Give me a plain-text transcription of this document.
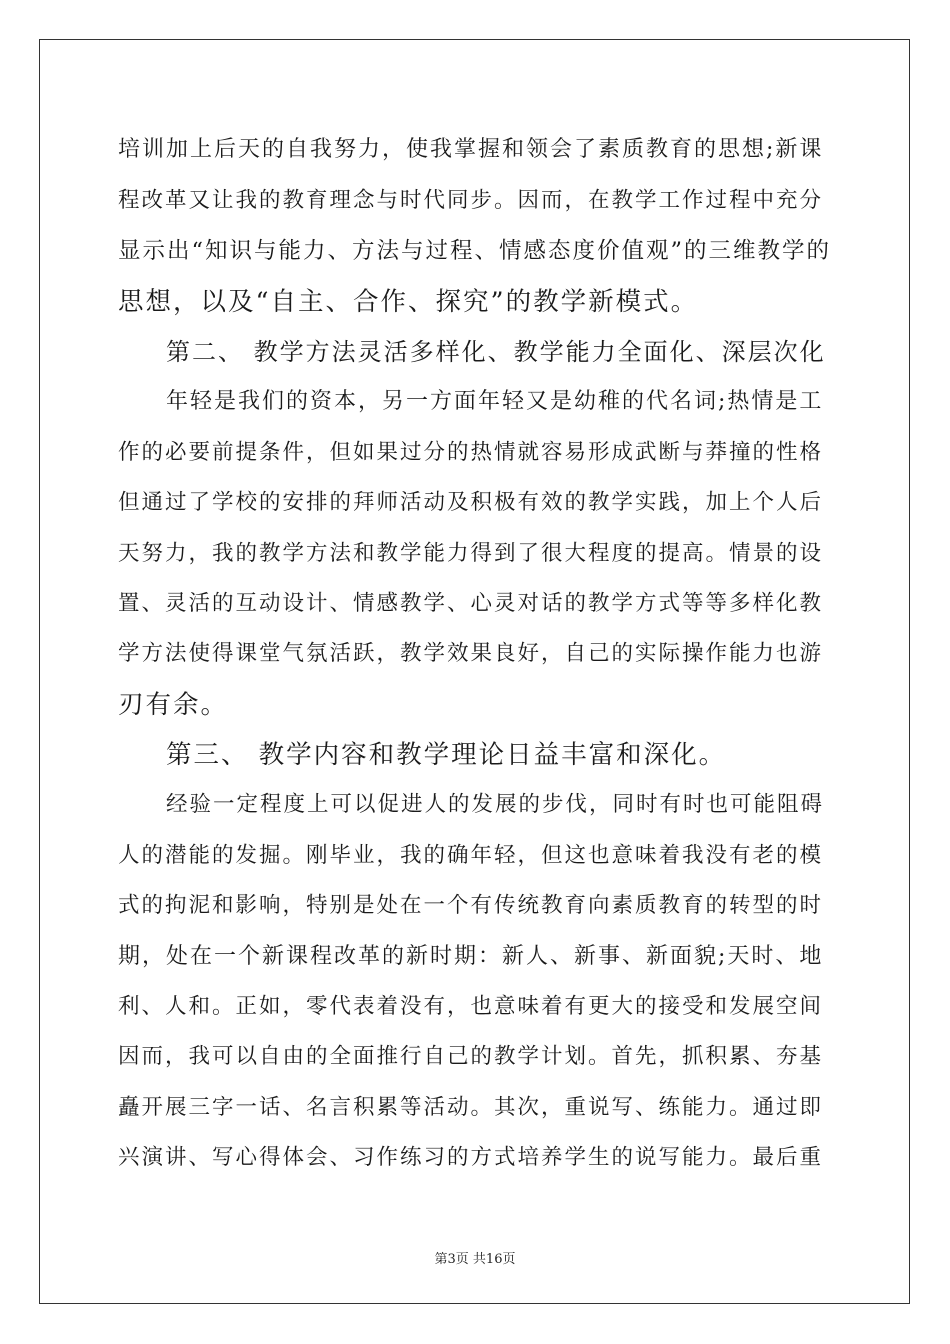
培训加上后天的自我努力，使我掌握和领会了素质教育的思想;新课
程改革又让我的教育理念与时代同步。因而，在教学工作过程中充分
显示出“知识与能力、方法与过程、情感态度价值观”的三维教学的
思想，以及“自主、合作、探究”的教学新模式。
第二、 教学方法灵活多样化、教学能力全面化、深层次化
年轻是我们的资本，另一方面年轻又是幼稚的代名词;热情是工
作的必要前提条件，但如果过分的热情就容易形成武断与莽撞的性格
但通过了学校的安排的拜师活动及积极有效的教学实践，加上个人后
天努力，我的教学方法和教学能力得到了很大程度的提高。情景的设
置、灵活的互动设计、情感教学、心灵对话的教学方式等等多样化教
学方法使得课堂气氛活跃，教学效果良好，自己的实际操作能力也游
刃有余。
第三、 教学内容和教学理论日益丰富和深化。
经验一定程度上可以促进人的发展的步伐，同时有时也可能阻碍
人的潜能的发掘。刚毕业，我的确年轻，但这也意味着我没有老的模
式的拘泥和影响，特别是处在一个有传统教育向素质教育的转型的时
期，处在一个新课程改革的新时期：新人、新事、新面貌;天时、地
利、人和。正如，零代表着没有，也意味着有更大的接受和发展空间
因而，我可以自由的全面推行自己的教学计划。首先，抓积累、夯基
矗开展三字一话、名言积累等活动。其次，重说写、练能力。通过即
兴演讲、写心得体会、习作练习的方式培养学生的说写能力。最后重
第3页 共16页
